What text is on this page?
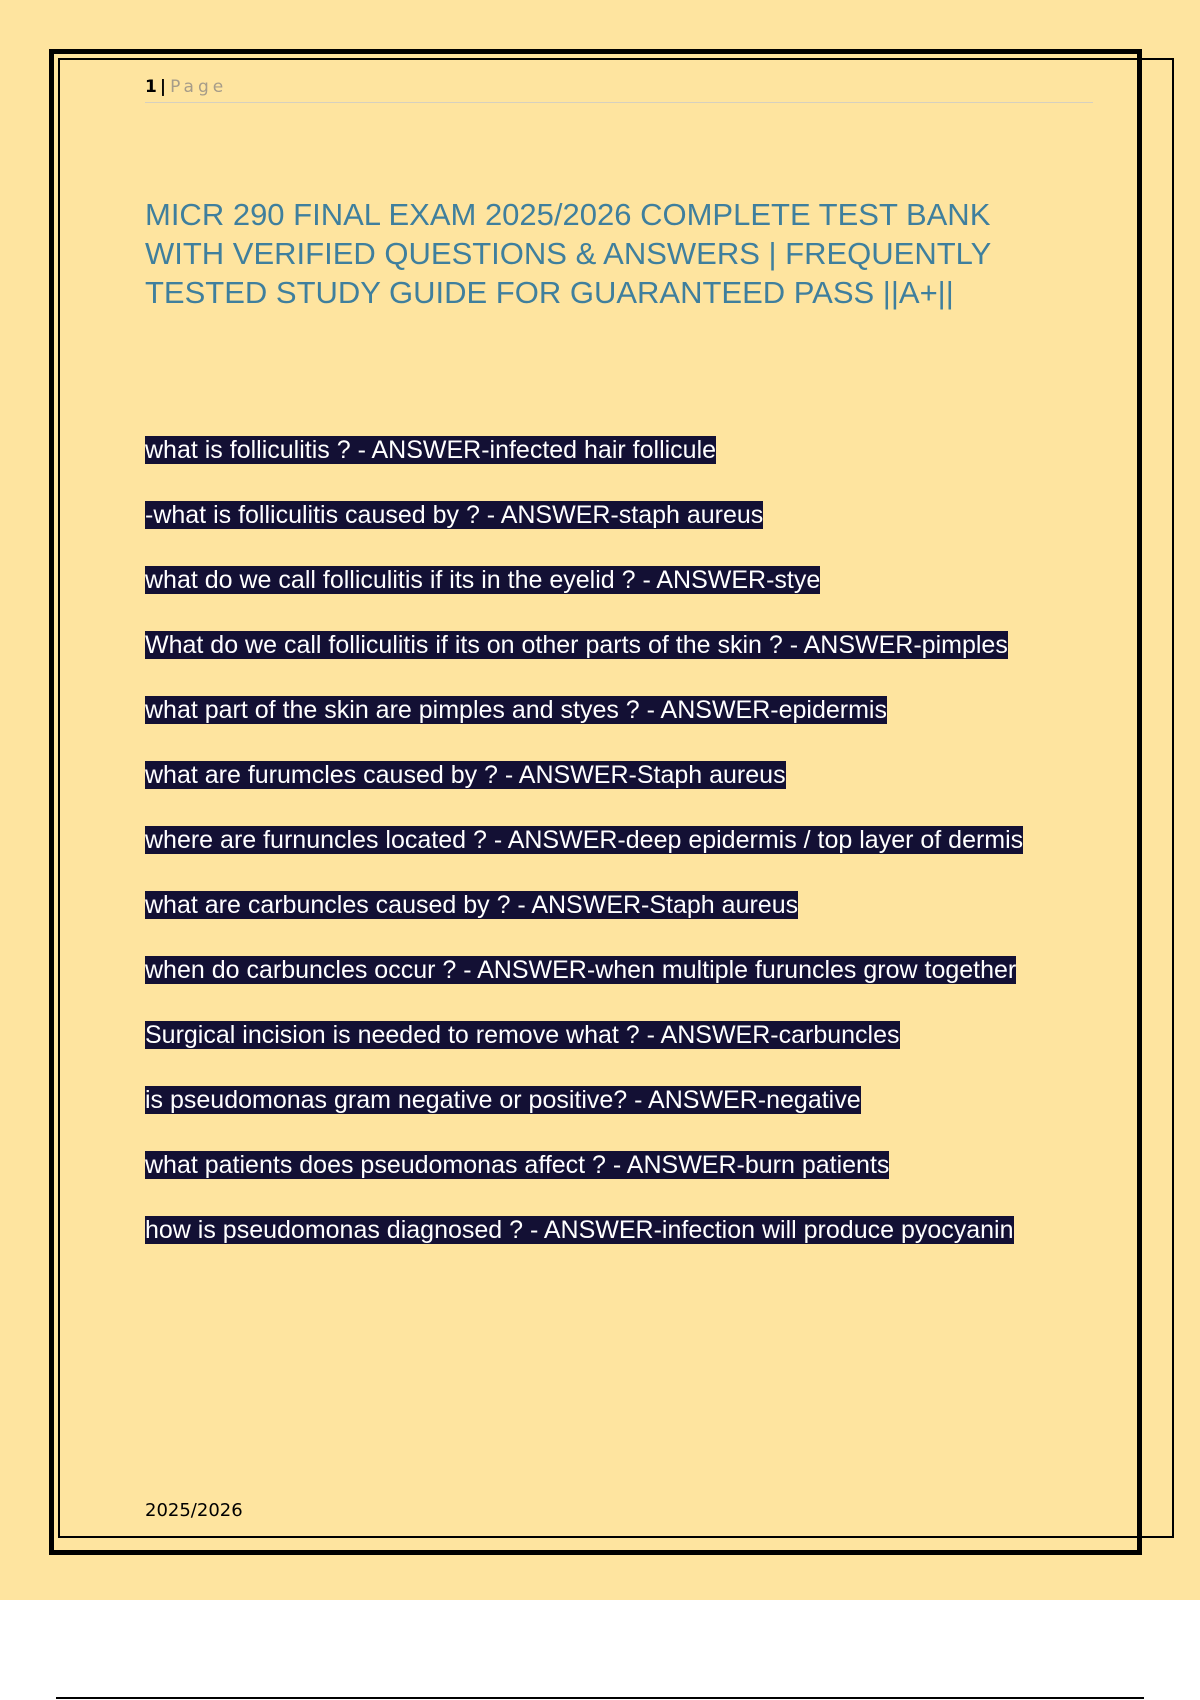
1 | Page
MICR 290 FINAL EXAM 2025/2026 COMPLETE TEST BANK WITH VERIFIED QUESTIONS & ANSWERS | FREQUENTLY TESTED STUDY GUIDE FOR GUARANTEED PASS ||A+||
what is folliculitis ? - ANSWER-infected hair follicule
-what is folliculitis caused by ? - ANSWER-staph aureus
what do we call folliculitis if its in the eyelid ? - ANSWER-stye
What do we call folliculitis if its on other parts of the skin ? - ANSWER-pimples
what part of the skin are pimples and styes ? - ANSWER-epidermis
what are furumcles caused by ? - ANSWER-Staph aureus
where are furnuncles located ? - ANSWER-deep epidermis / top layer of dermis
what are carbuncles caused by ? - ANSWER-Staph aureus
when do carbuncles occur ? - ANSWER-when multiple furuncles grow together
Surgical incision is needed to remove what ? - ANSWER-carbuncles
is pseudomonas gram negative or positive? - ANSWER-negative
what patients does pseudomonas affect ? - ANSWER-burn patients
how is pseudomonas diagnosed ? - ANSWER-infection will produce pyocyanin
2025/2026
